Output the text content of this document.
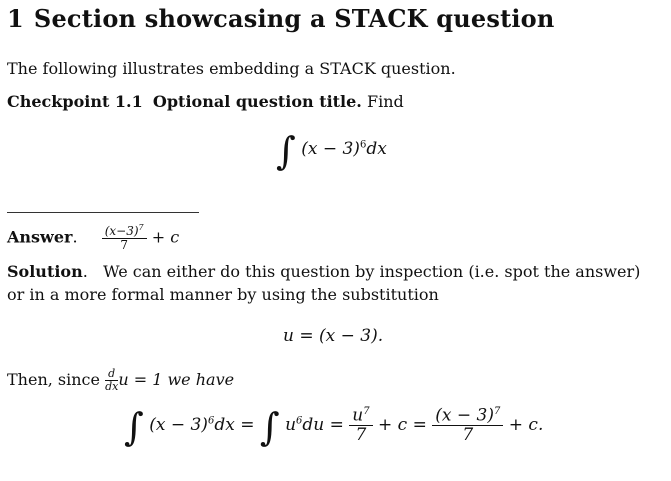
1 Section showcasing a STACK question
The following illustrates embedding a STACK question.
Checkpoint 1.1 Optional question title. Find
∫ $(x - 3)^6dx$
Answer. $\frac{(x-3)^7}{7} + c$
Solution.   We can either do this question by inspection (i.e. spot the answer)
or in a more formal manner by using the substitution
u = (x − 3).
Then, since $\frac{d}{dx}$ u = 1 we have
∫ $(x - 3)^6dx$ = ∫ $u^6du = \frac{u^7}{7} + c = \frac{(x - 3)^7}{7} + c$.
